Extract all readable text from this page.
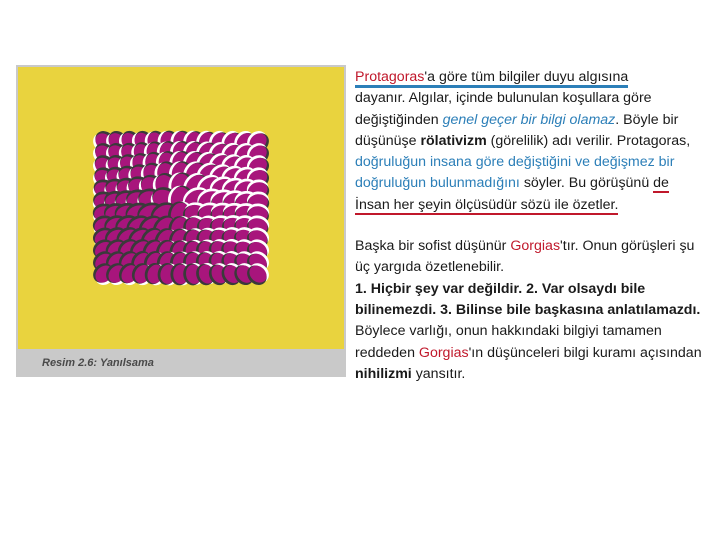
Resim 2.6: Yanılsama

Protagoras'a göre tüm bilgiler duyu algısına
dayanır. Algılar, içinde bulunulan koşullara göre değiştiğinden genel geçer bir bilgi olamaz. Böyle bir düşünüşe rölativizm (görelilik) adı verilir. Protagoras, doğruluğun insana göre değiştiğini ve değişmez bir doğruluğun bulunmadığını söyler. Bu görüşünü de İnsan her şeyin ölçüsüdür sözü ile özetler.

Başka bir sofist düşünür Gorgias'tır. Onun görüşleri şu üç yargıda özetlenebilir.
1. Hiçbir şey var değildir. 2. Var olsaydı bile bilinemezdi. 3. Bilinse bile başkasına anlatılamazdı.
Böylece varlığı, onun hakkındaki bilgiyi tamamen reddeden Gorgias'ın düşünceleri bilgi kuramı açısından nihilizmi yansıtır.
